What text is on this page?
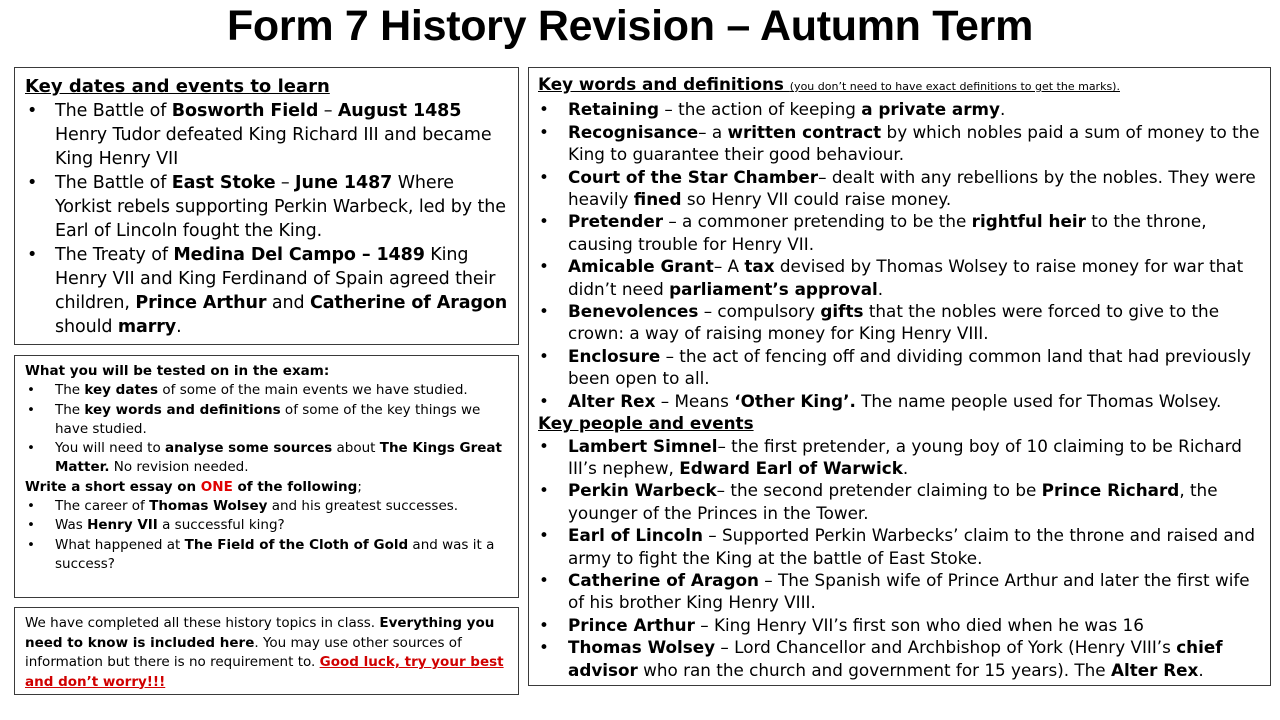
Form 7 History Revision – Autumn Term
Key dates and events to learn
• The Battle of Bosworth Field – August 1485 Henry Tudor defeated King Richard III and became King Henry VII
• The Battle of East Stoke – June 1487 Where Yorkist rebels supporting Perkin Warbeck, led by the Earl of Lincoln fought the King.
• The Treaty of Medina Del Campo – 1489 King Henry VII and King Ferdinand of Spain agreed their children, Prince Arthur and Catherine of Aragon should marry.
What you will be tested on in the exam:
• The key dates of some of the main events we have studied.
• The key words and definitions of some of the key things we have studied.
• You will need to analyse some sources about The Kings Great Matter. No revision needed.
Write a short essay on ONE of the following;
• The career of Thomas Wolsey and his greatest successes.
• Was Henry VII a successful king?
• What happened at The Field of the Cloth of Gold and was it a success?
We have completed all these history topics in class. Everything you need to know is included here. You may use other sources of information but there is no requirement to. Good luck, try your best and don’t worry!!!
Key words and definitions (you don’t need to have exact definitions to get the marks).
• Retaining – the action of keeping a private army.
• Recognisance– a written contract by which nobles paid a sum of money to the King to guarantee their good behaviour.
• Court of the Star Chamber– dealt with any rebellions by the nobles. They were heavily fined so Henry VII could raise money.
• Pretender – a commoner pretending to be the rightful heir to the throne, causing trouble for Henry VII.
• Amicable Grant– A tax devised by Thomas Wolsey to raise money for war that didn’t need parliament’s approval.
• Benevolences – compulsory gifts that the nobles were forced to give to the crown: a way of raising money for King Henry VIII.
• Enclosure – the act of fencing off and dividing common land that had previously been open to all.
• Alter Rex – Means ‘Other King’. The name people used for Thomas Wolsey.
Key people and events
• Lambert Simnel– the first pretender, a young boy of 10 claiming to be Richard III’s nephew, Edward Earl of Warwick.
• Perkin Warbeck– the second pretender claiming to be Prince Richard, the younger of the Princes in the Tower.
• Earl of Lincoln – Supported Perkin Warbecks’ claim to the throne and raised and army to fight the King at the battle of East Stoke.
• Catherine of Aragon – The Spanish wife of Prince Arthur and later the first wife of his brother King Henry VIII.
• Prince Arthur – King Henry VII’s first son who died when he was 16
• Thomas Wolsey – Lord Chancellor and Archbishop of York (Henry VIII’s chief advisor who ran the church and government for 15 years). The Alter Rex.
